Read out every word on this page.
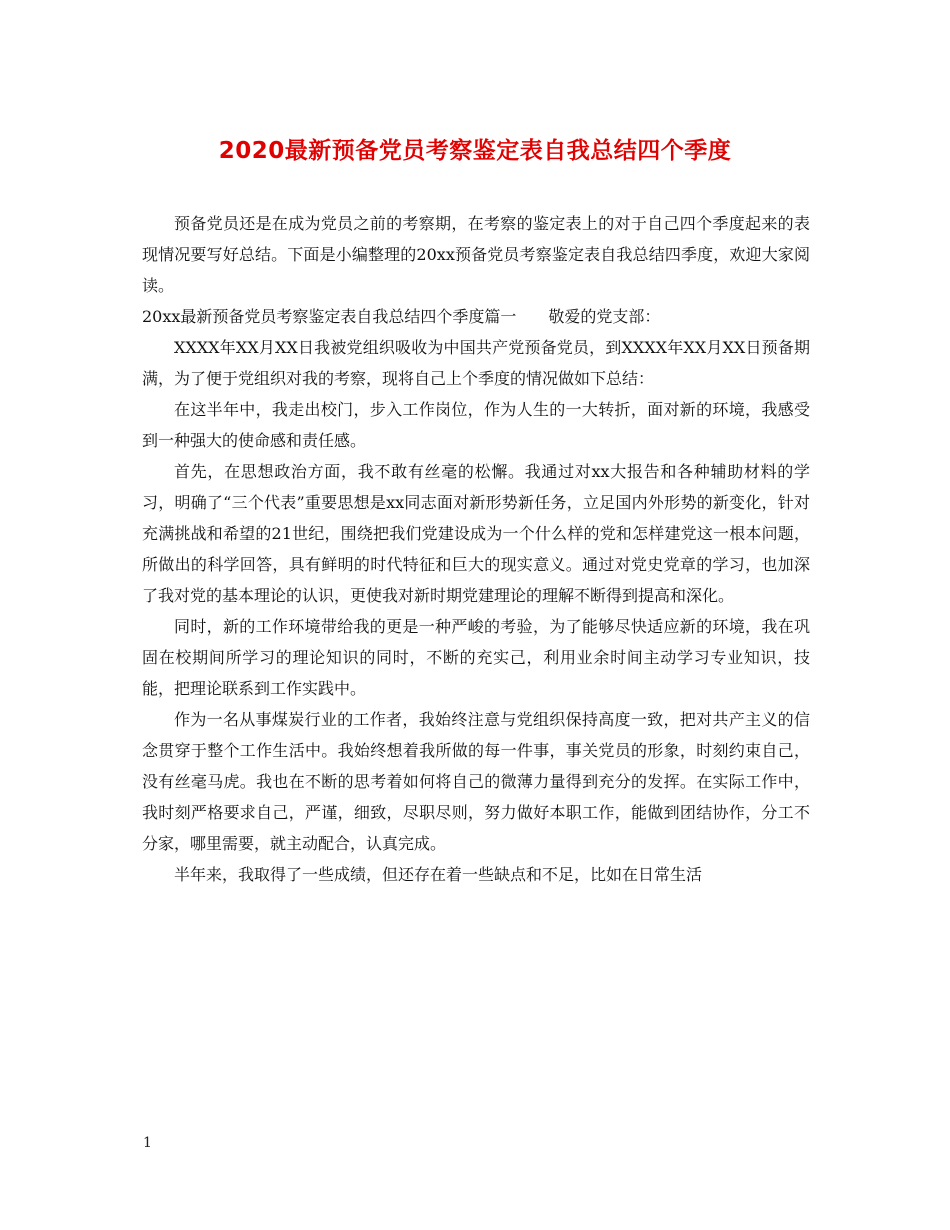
2020最新预备党员考察鉴定表自我总结四个季度

预备党员还是在成为党员之前的考察期，在考察的鉴定表上的对于自己四个季度起来的表现情况要写好总结。下面是小编整理的20xx预备党员考察鉴定表自我总结四季度，欢迎大家阅读。

20xx最新预备党员考察鉴定表自我总结四个季度篇一　　敬爱的党支部：

XXXX年XX月XX日我被党组织吸收为中国共产党预备党员，到XXXX年XX月XX日预备期满，为了便于党组织对我的考察，现将自己上个季度的情况做如下总结：

在这半年中，我走出校门，步入工作岗位，作为人生的一大转折，面对新的环境，我感受到一种强大的使命感和责任感。

首先，在思想政治方面，我不敢有丝毫的松懈。我通过对xx大报告和各种辅助材料的学习，明确了“三个代表”重要思想是xx同志面对新形势新任务，立足国内外形势的新变化，针对充满挑战和希望的21世纪，围绕把我们党建设成为一个什么样的党和怎样建党这一根本问题，所做出的科学回答，具有鲜明的时代特征和巨大的现实意义。通过对党史党章的学习，也加深了我对党的基本理论的认识，更使我对新时期党建理论的理解不断得到提高和深化。

同时，新的工作环境带给我的更是一种严峻的考验，为了能够尽快适应新的环境，我在巩固在校期间所学习的理论知识的同时，不断的充实己，利用业余时间主动学习专业知识，技能，把理论联系到工作实践中。

作为一名从事煤炭行业的工作者，我始终注意与党组织保持高度一致，把对共产主义的信念贯穿于整个工作生活中。我始终想着我所做的每一件事，事关党员的形象，时刻约束自己，没有丝毫马虎。我也在不断的思考着如何将自己的微薄力量得到充分的发挥。在实际工作中，我时刻严格要求自己，严谨，细致，尽职尽则，努力做好本职工作，能做到团结协作，分工不分家，哪里需要，就主动配合，认真完成。

半年来，我取得了一些成绩，但还存在着一些缺点和不足，比如在日常生活

1
